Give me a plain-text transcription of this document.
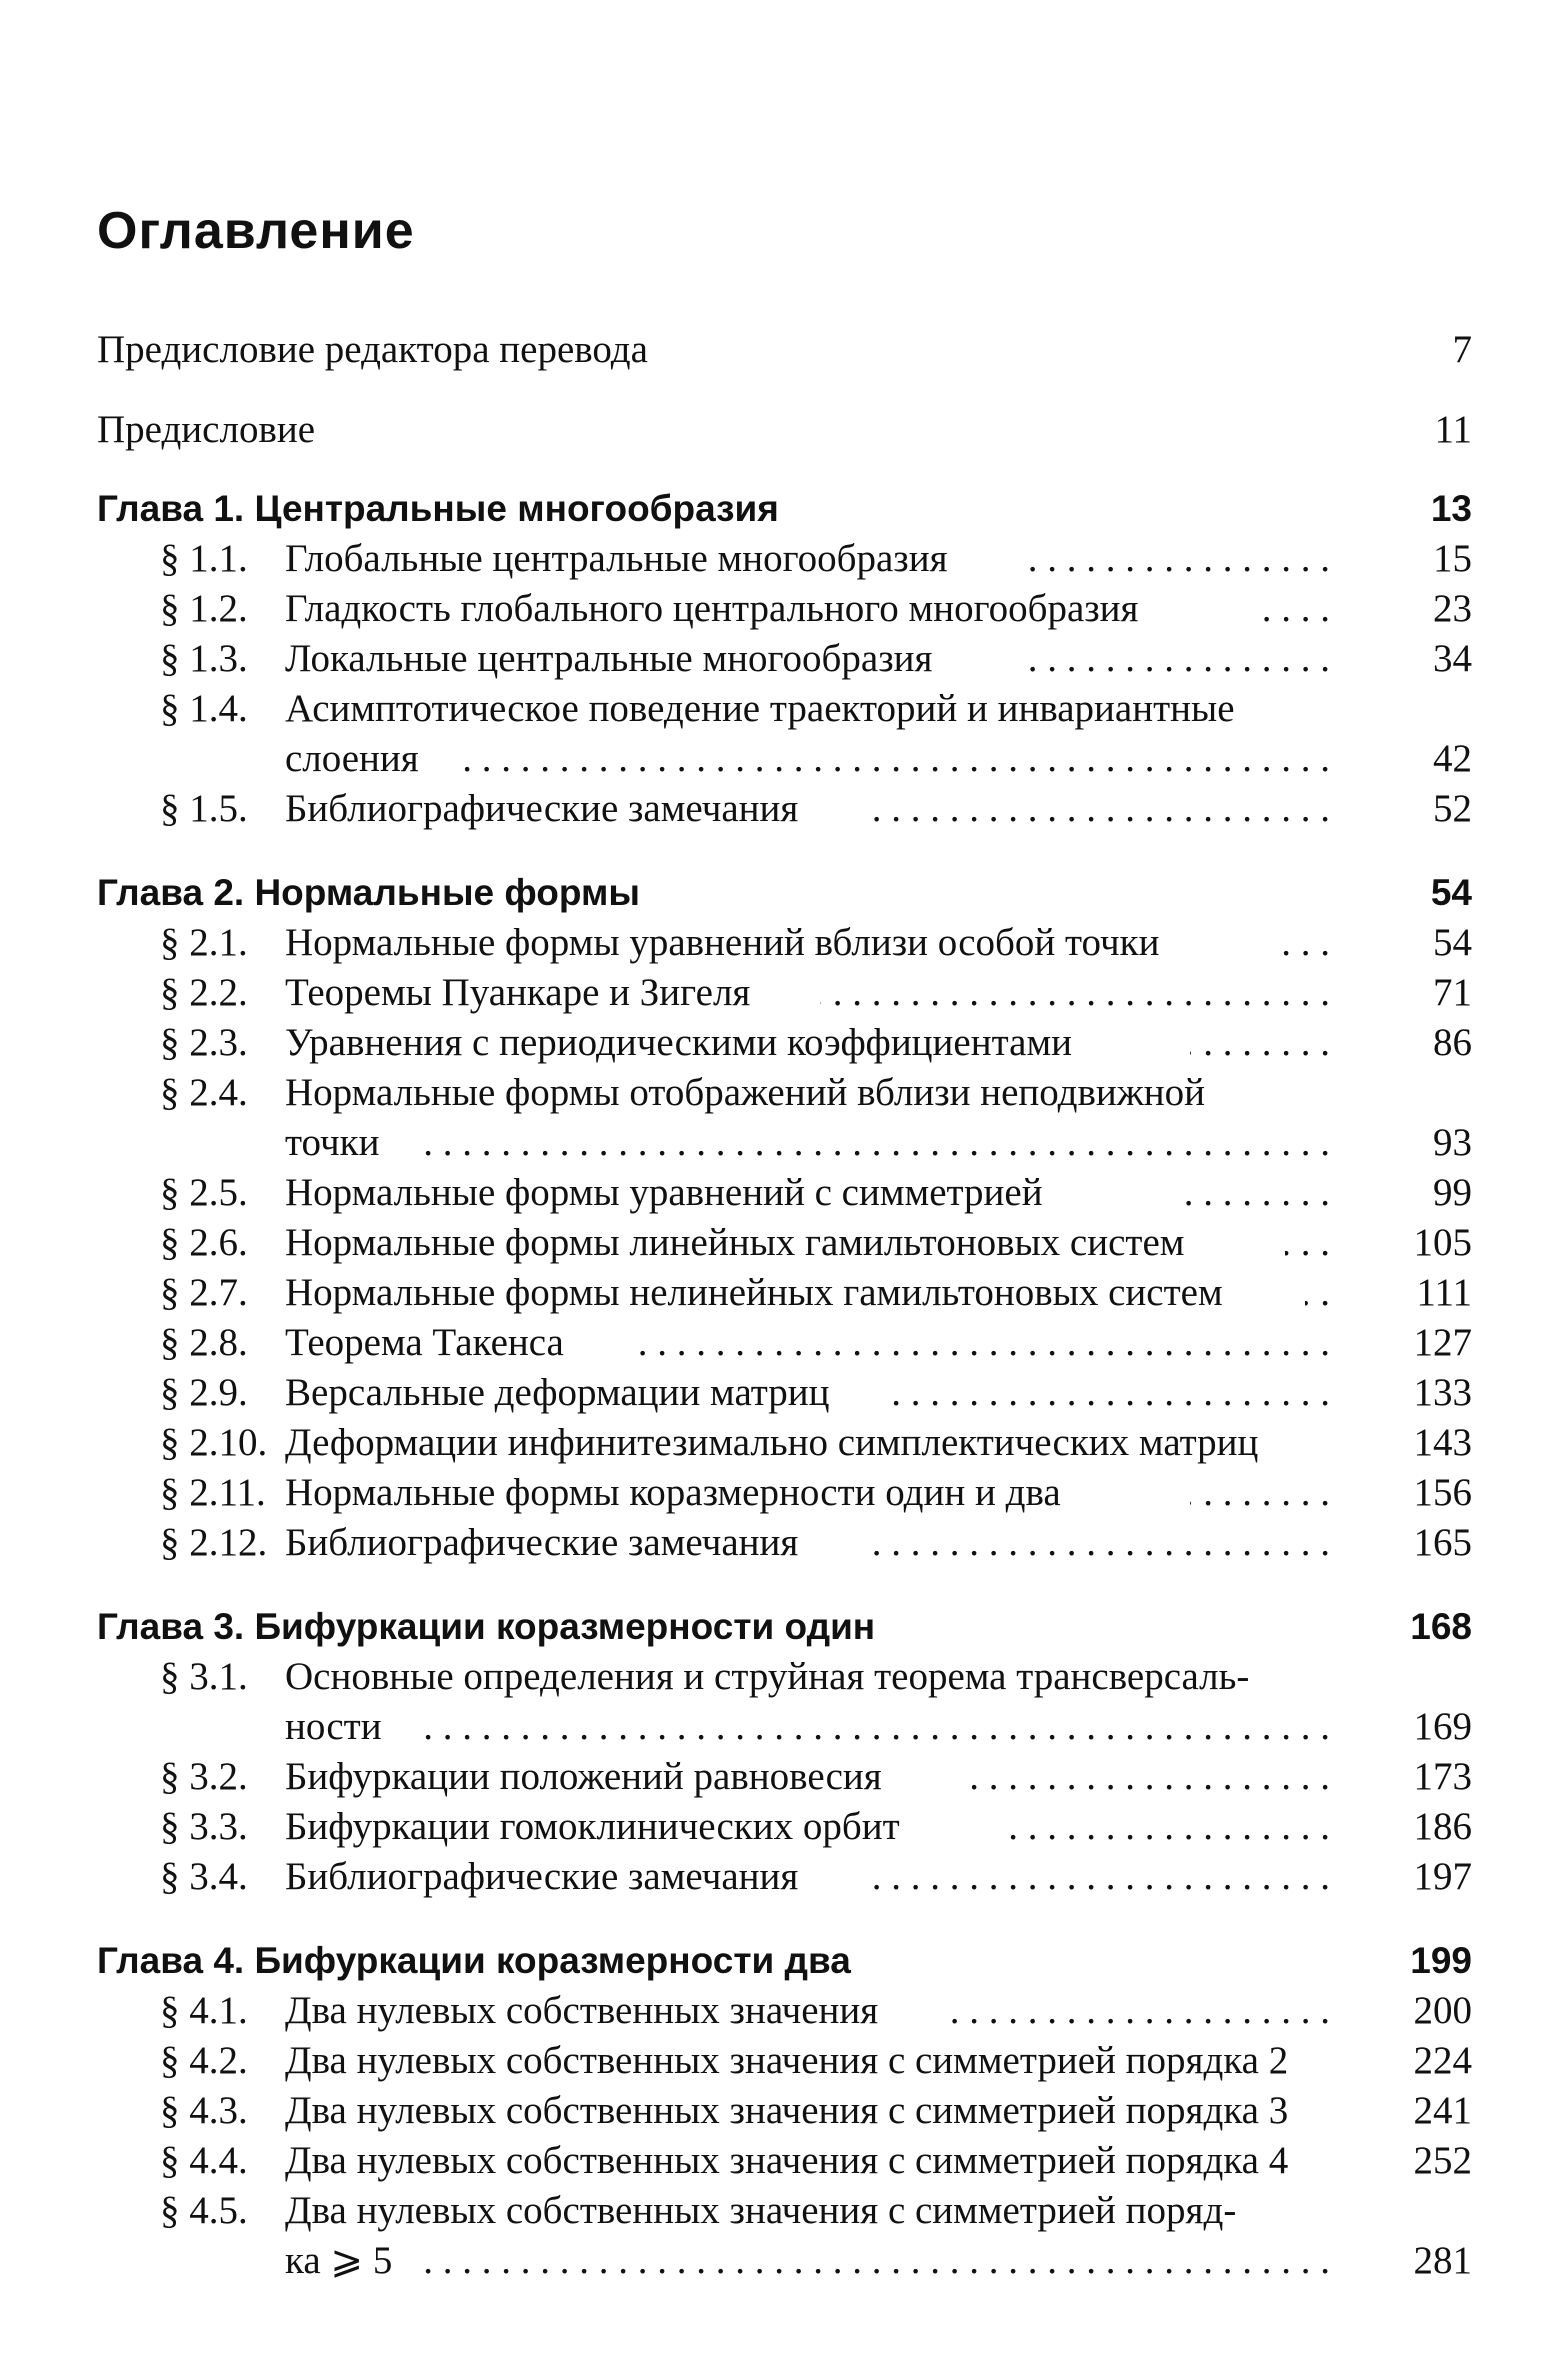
Оглавление
Предисловие редактора перевода	7
Предисловие	11
Глава 1. Центральные многообразия	13
§ 1.1. Глобальные центральные многообразия . . .	15
§ 1.2. Гладкость глобального центрального многообразия . . .	23
§ 1.3. Локальные центральные многообразия . . .	34
§ 1.4. Асимптотическое поведение траекторий и инвариантные
слоения . . .	42
§ 1.5. Библиографические замечания . . .	52
Глава 2. Нормальные формы	54
§ 2.1. Нормальные формы уравнений вблизи особой точки . . .	54
§ 2.2. Теоремы Пуанкаре и Зигеля . . .	71
§ 2.3. Уравнения с периодическими коэффициентами . . .	86
§ 2.4. Нормальные формы отображений вблизи неподвижной
точки . . .	93
§ 2.5. Нормальные формы уравнений с симметрией . . .	99
§ 2.6. Нормальные формы линейных гамильтоновых систем . . .	105
§ 2.7. Нормальные формы нелинейных гамильтоновых систем . . .	111
§ 2.8. Теорема Такенса . . .	127
§ 2.9. Версальные деформации матриц . . .	133
§ 2.10. Деформации инфинитезимально симплектических матриц	143
§ 2.11. Нормальные формы коразмерности один и два . . .	156
§ 2.12. Библиографические замечания . . .	165
Глава 3. Бифуркации коразмерности один	168
§ 3.1. Основные определения и струйная теорема трансверсаль-
ности . . .	169
§ 3.2. Бифуркации положений равновесия . . .	173
§ 3.3. Бифуркации гомоклинических орбит . . .	186
§ 3.4. Библиографические замечания . . .	197
Глава 4. Бифуркации коразмерности два	199
§ 4.1. Два нулевых собственных значения . . .	200
§ 4.2. Два нулевых собственных значения с симметрией порядка 2	224
§ 4.3. Два нулевых собственных значения с симметрией порядка 3	241
§ 4.4. Два нулевых собственных значения с симметрией порядка 4	252
§ 4.5. Два нулевых собственных значения с симметрией поряд-
ка ⩾ 5 . . .	281
